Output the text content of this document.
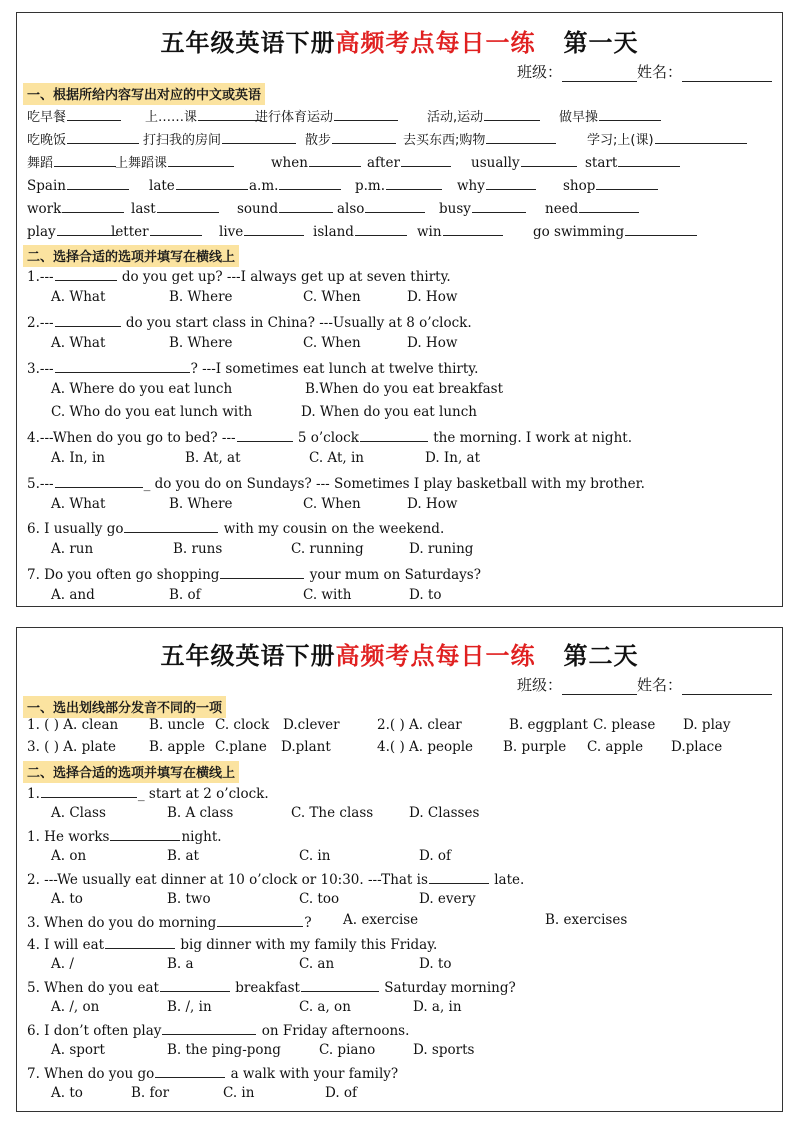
五年级英语下册高频考点每日一练 第一天
班级：	姓名：
一、根据所给内容写出对应的中文或英语
吃早餐	上……课	进行体育运动	活动,运动	做早操
吃晚饭	打扫我的房间	散步	去买东西;购物	学习;上(课)
舞蹈	上舞蹈课	when	after	usually	start
Spain	late	a.m.	p.m.	why	shop
work	last	sound	also	busy	need
play	letter	live	island	win	go swimming
二、选择合适的选项并填写在横线上
1.---	do you get up? ---I always get up at seven thirty.
A. What	B. Where	C. When	D. How
2.---	do you start class in China? ---Usually at 8 o’clock.
A. What	B. Where	C. When	D. How
3.---	? ---I sometimes eat lunch at twelve thirty.
A. Where do you eat lunch	B.When do you eat breakfast
C. Who do you eat lunch with	D. When do you eat lunch
4.---When do you go to bed? ---	5 o’clock	the morning. I work at night.
A. In, in	B. At, at	C. At, in	D. In, at
5.---	_ do you do on Sundays? --- Sometimes I play basketball with my brother.
A. What	B. Where	C. When	D. How
6. I usually go	with my cousin on the weekend.
A. run	B. runs	C. running	D. runing
7. Do you often go shopping	your mum on Saturdays?
A. and	B. of	C. with	D. to
五年级英语下册高频考点每日一练 第二天
班级：	姓名：
一、选出划线部分发音不同的一项
1. ( ) A. clean B. uncle C. clock D.clever	2.( ) A. clear	B. eggplant C. please D. play
3. ( ) A. plate B. apple C.plane D.plant	4.( ) A. people B. purple C. apple D.place
二、选择合适的选项并填写在横线上
1.	_ start at 2 o’clock.
A. Class	B. A class	C. The class	D. Classes
1. He works	night.
A. on	B. at	C. in	D. of
2. ---We usually eat dinner at 10 o’clock or 10:30. ---That is	late.
A. to	B. two	C. too	D. every
3. When do you do morning	? A. exercise	B. exercises
4. I will eat	big dinner with my family this Friday.
A. /	B. a	C. an	D. to
5. When do you eat	breakfast	Saturday morning?
A. /, on	B. /, in	C. a, on	D. a, in
6. I don’t often play	on Friday afternoons.
A. sport	B. the ping-pong	C. piano	D. sports
7. When do you go	a walk with your family?
A. to	B. for	C. in	D. of
